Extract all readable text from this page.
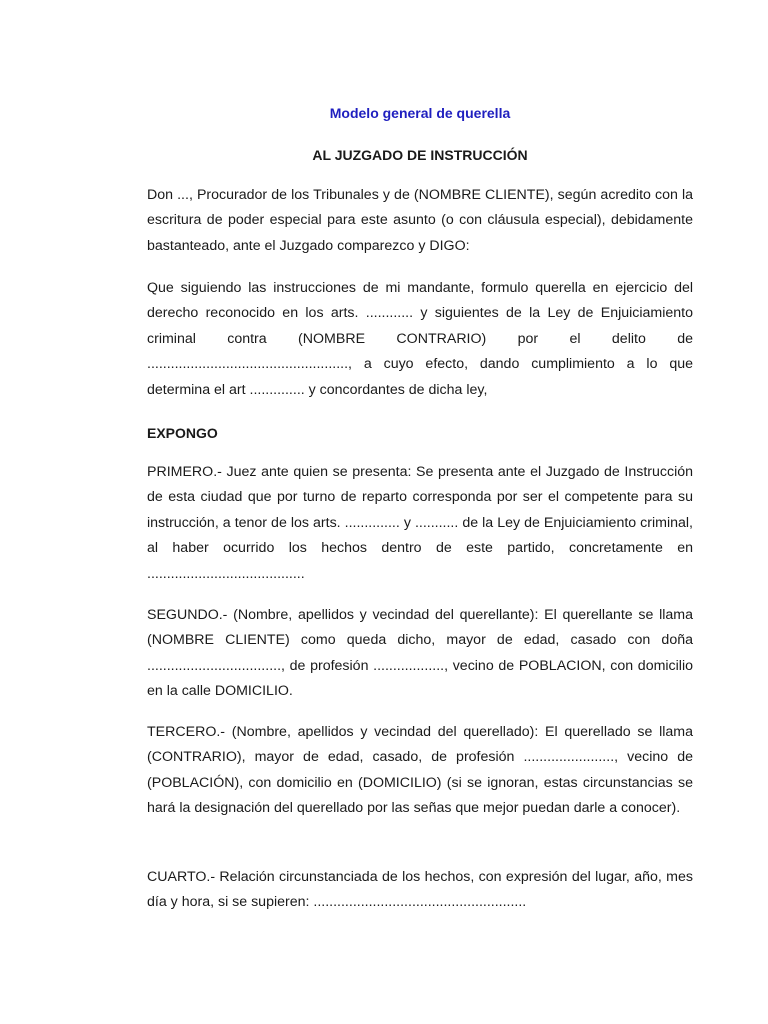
Modelo general de querella
AL JUZGADO DE INSTRUCCIÓN

Don ..., Procurador de los Tribunales y de (NOMBRE CLIENTE), según acredito con la escritura de poder especial para este asunto (o con cláusula especial), debidamente bastanteado, ante el Juzgado comparezco y DIGO:

Que siguiendo las instrucciones de mi mandante, formulo querella en ejercicio del derecho reconocido en los arts. ............ y siguientes de la Ley de Enjuiciamiento criminal contra (NOMBRE CONTRARIO) por el delito de ..................................................., a cuyo efecto, dando cumplimiento a lo que determina el art .............. y concordantes de dicha ley,

EXPONGO

PRIMERO.- Juez ante quien se presenta: Se presenta ante el Juzgado de Instrucción de esta ciudad que por turno de reparto corresponda por ser el competente para su instrucción, a tenor de los arts. .............. y ........... de la Ley de Enjuiciamiento criminal, al haber ocurrido los hechos dentro de este partido, concretamente en ........................................

SEGUNDO.- (Nombre, apellidos y vecindad del querellante): El querellante se llama (NOMBRE CLIENTE) como queda dicho, mayor de edad, casado con doña .................................., de profesión .................., vecino de POBLACION, con domicilio en la calle DOMICILIO.

TERCERO.- (Nombre, apellidos y vecindad del querellado): El querellado se llama (CONTRARIO), mayor de edad, casado, de profesión ......................., vecino de (POBLACIÓN), con domicilio en (DOMICILIO) (si se ignoran, estas circunstancias se hará la designación del querellado por las señas que mejor puedan darle a conocer).

CUARTO.- Relación circunstanciada de los hechos, con expresión del lugar, año, mes día y hora, si se supieren: ......................................................
